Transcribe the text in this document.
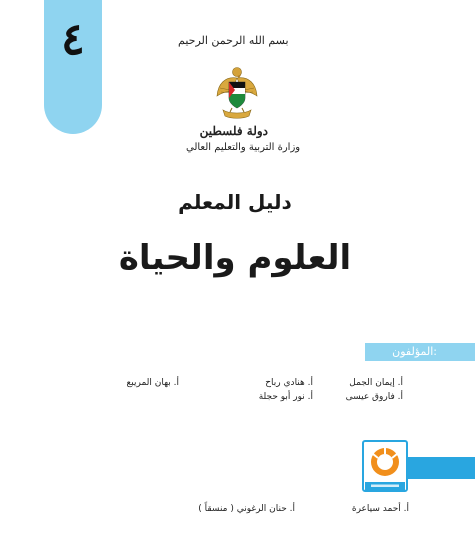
٤	بسم الله الرحمن الرحيم
دولة فلسطين
وزارة التربية والتعليم العالي
دليل المعلم
العلوم والحياة
المؤلفون:
أ. إيمان الجمل
أ. هنادي رباح
أ. بهان المريبع
أ. فاروق عيسى
أ. نور أبو حجلة
أ. أحمد سياعرة
أ. حنان الرغوني ( منسقاً )
